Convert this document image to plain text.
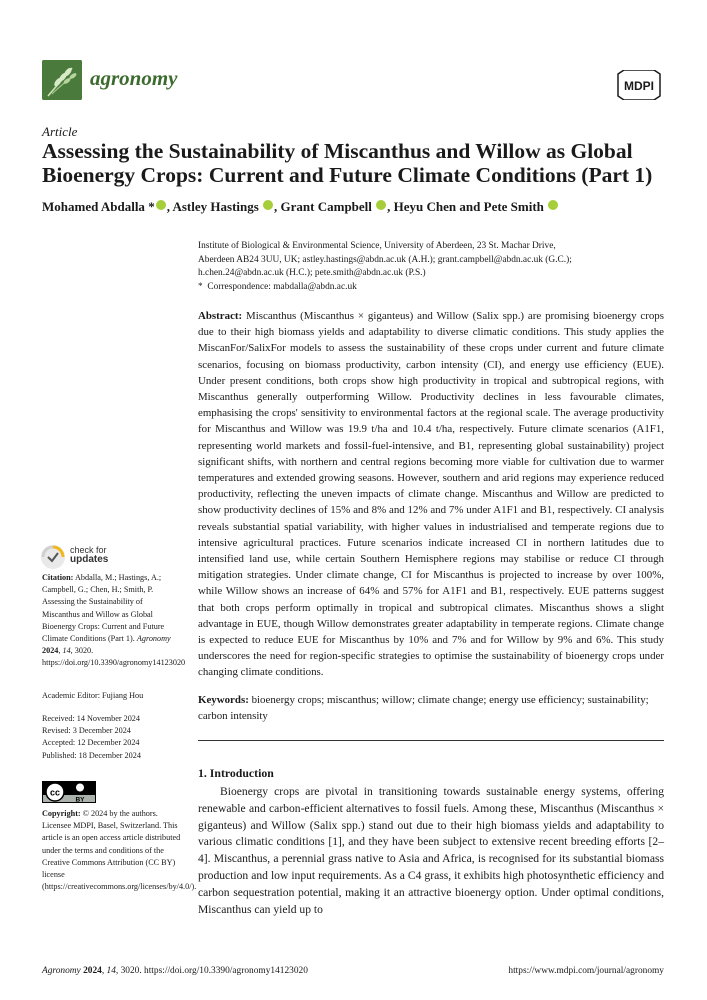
agronomy	MDPI
Article
Assessing the Sustainability of Miscanthus and Willow as Global Bioenergy Crops: Current and Future Climate Conditions (Part 1)
Mohamed Abdalla * , Astley Hastings , Grant Campbell , Heyu Chen and Pete Smith
Institute of Biological & Environmental Science, University of Aberdeen, 23 St. Machar Drive,
Aberdeen AB24 3UU, UK; astley.hastings@abdn.ac.uk (A.H.); grant.campbell@abdn.ac.uk (G.C.);
h.chen.24@abdn.ac.uk (H.C.); pete.smith@abdn.ac.uk (P.S.)
*  Correspondence: mabdalla@abdn.ac.uk
Abstract: Miscanthus (Miscanthus × giganteus) and Willow (Salix spp.) are promising bioenergy crops due to their high biomass yields and adaptability to diverse climatic conditions. This study applies the MiscanFor/SalixFor models to assess the sustainability of these crops under current and future climate scenarios, focusing on biomass productivity, carbon intensity (CI), and energy use efficiency (EUE). Under present conditions, both crops show high productivity in tropical and subtropical regions, with Miscanthus generally outperforming Willow. Productivity declines in less favourable climates, emphasising the crops' sensitivity to environmental factors at the regional scale. The average productivity for Miscanthus and Willow was 19.9 t/ha and 10.4 t/ha, respectively. Future climate scenarios (A1F1, representing world markets and fossil-fuel-intensive, and B1, representing global sustainability) project significant shifts, with northern and central regions becoming more viable for cultivation due to warmer temperatures and extended growing seasons. However, southern and arid regions may experience reduced productivity, reflecting the uneven impacts of climate change. Miscanthus and Willow are predicted to show productivity declines of 15% and 8% and 12% and 7% under A1F1 and B1, respectively. CI analysis reveals substantial spatial variability, with higher values in industrialised and temperate regions due to intensive agricultural practices. Future scenarios indicate increased CI in northern latitudes due to intensified land use, while certain Southern Hemisphere regions may stabilise or reduce CI through mitigation strategies. Under climate change, CI for Miscanthus is projected to increase by over 100%, while Willow shows an increase of 64% and 57% for A1F1 and B1, respectively. EUE patterns suggest that both crops perform optimally in tropical and subtropical climates. Miscanthus shows a slight advantage in EUE, though Willow demonstrates greater adaptability in temperate regions. Climate change is expected to reduce EUE for Miscanthus by 10% and 7% and for Willow by 9% and 6%. This study underscores the need for region-specific strategies to optimise the sustainability of bioenergy crops under changing climate conditions.
Keywords: bioenergy crops; miscanthus; willow; climate change; energy use efficiency; sustainability; carbon intensity
1. Introduction
Bioenergy crops are pivotal in transitioning towards sustainable energy systems, offering renewable and carbon-efficient alternatives to fossil fuels. Among these, Miscanthus (Miscanthus × giganteus) and Willow (Salix spp.) stand out due to their high biomass yields and adaptability to various climatic conditions [1], and they have been subject to extensive recent breeding efforts [2–4]. Miscanthus, a perennial grass native to Asia and Africa, is recognised for its substantial biomass production and low input requirements. As a C4 grass, it exhibits high photosynthetic efficiency and carbon sequestration potential, making it an attractive bioenergy option. Under optimal conditions, Miscanthus can yield up to
check for
updates
Citation: Abdalla, M.; Hastings, A.; Campbell, G.; Chen, H.; Smith, P. Assessing the Sustainability of Miscanthus and Willow as Global Bioenergy Crops: Current and Future Climate Conditions (Part 1). Agronomy 2024, 14, 3020. https://doi.org/10.3390/agronomy14123020
Academic Editor: Fujiang Hou
Received: 14 November 2024
Revised: 3 December 2024
Accepted: 12 December 2024
Published: 18 December 2024
cc
BY
Copyright: © 2024 by the authors. Licensee MDPI, Basel, Switzerland. This article is an open access article distributed under the terms and conditions of the Creative Commons Attribution (CC BY) license (https://creativecommons.org/licenses/by/4.0/).
Agronomy 2024, 14, 3020. https://doi.org/10.3390/agronomy14123020	https://www.mdpi.com/journal/agronomy
